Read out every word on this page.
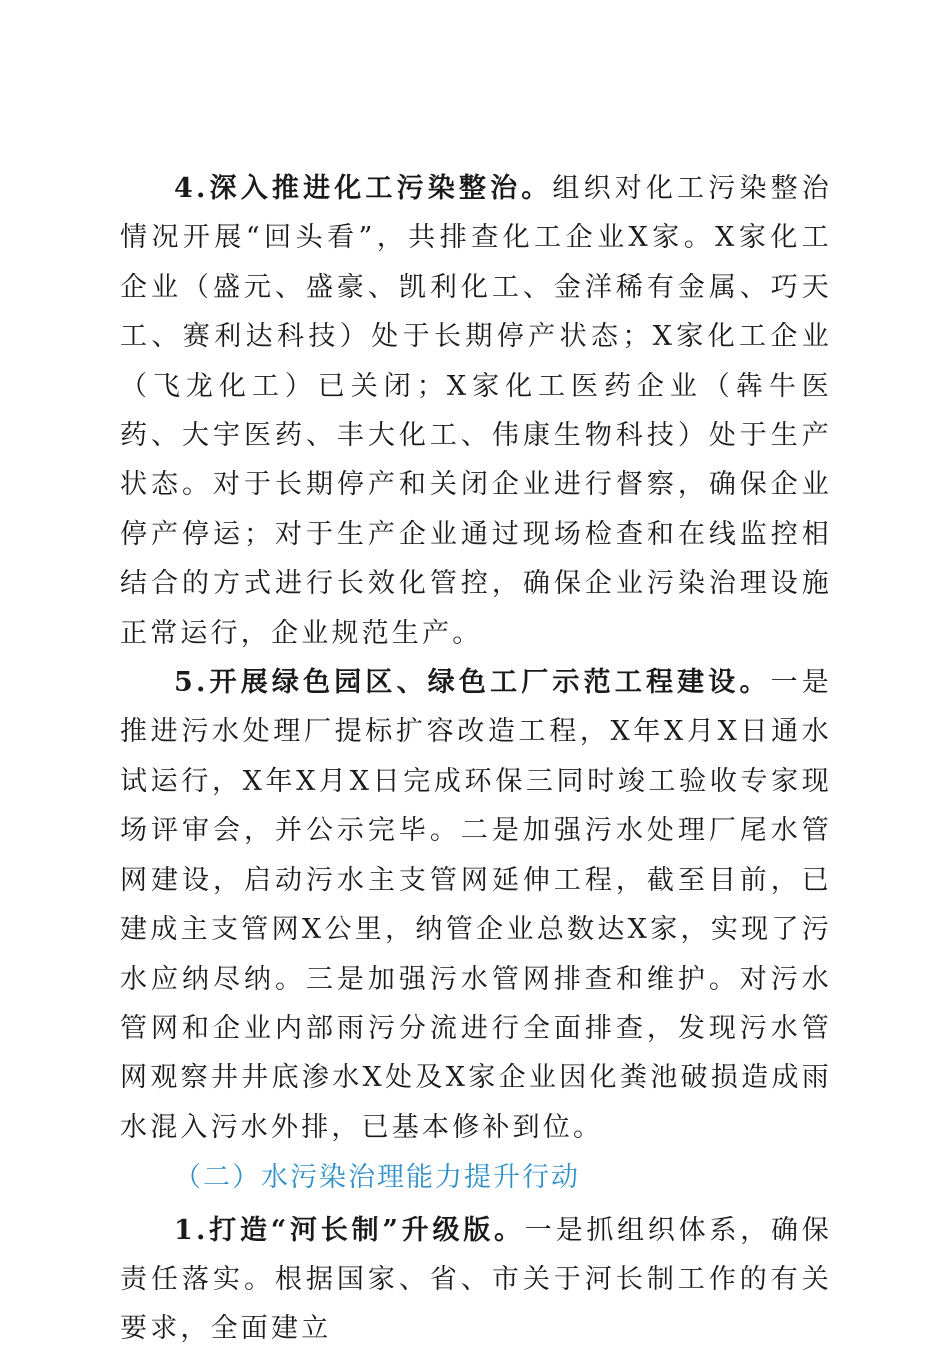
4.深入推进化工污染整治。组织对化工污染整治情况开展“回头看”，共排查化工企业X家。X家化工企业（盛元、盛豪、凯利化工、金洋稀有金属、巧天工、赛利达科技）处于长期停产状态；X家化工企业（飞龙化工）已关闭；X家化工医药企业（犇牛医药、大宇医药、丰大化工、伟康生物科技）处于生产状态。对于长期停产和关闭企业进行督察，确保企业停产停运；对于生产企业通过现场检查和在线监控相结合的方式进行长效化管控，确保企业污染治理设施正常运行，企业规范生产。

5.开展绿色园区、绿色工厂示范工程建设。一是推进污水处理厂提标扩容改造工程，X年X月X日通水试运行，X年X月X日完成环保三同时竣工验收专家现场评审会，并公示完毕。二是加强污水处理厂尾水管网建设，启动污水主支管网延伸工程，截至目前，已建成主支管网X公里，纳管企业总数达X家，实现了污水应纳尽纳。三是加强污水管网排查和维护。对污水管网和企业内部雨污分流进行全面排查，发现污水管网观察井井底渗水X处及X家企业因化粪池破损造成雨水混入污水外排，已基本修补到位。

（二）水污染治理能力提升行动

1.打造“河长制”升级版。一是抓组织体系，确保责任落实。根据国家、省、市关于河长制工作的有关要求，全面建立
